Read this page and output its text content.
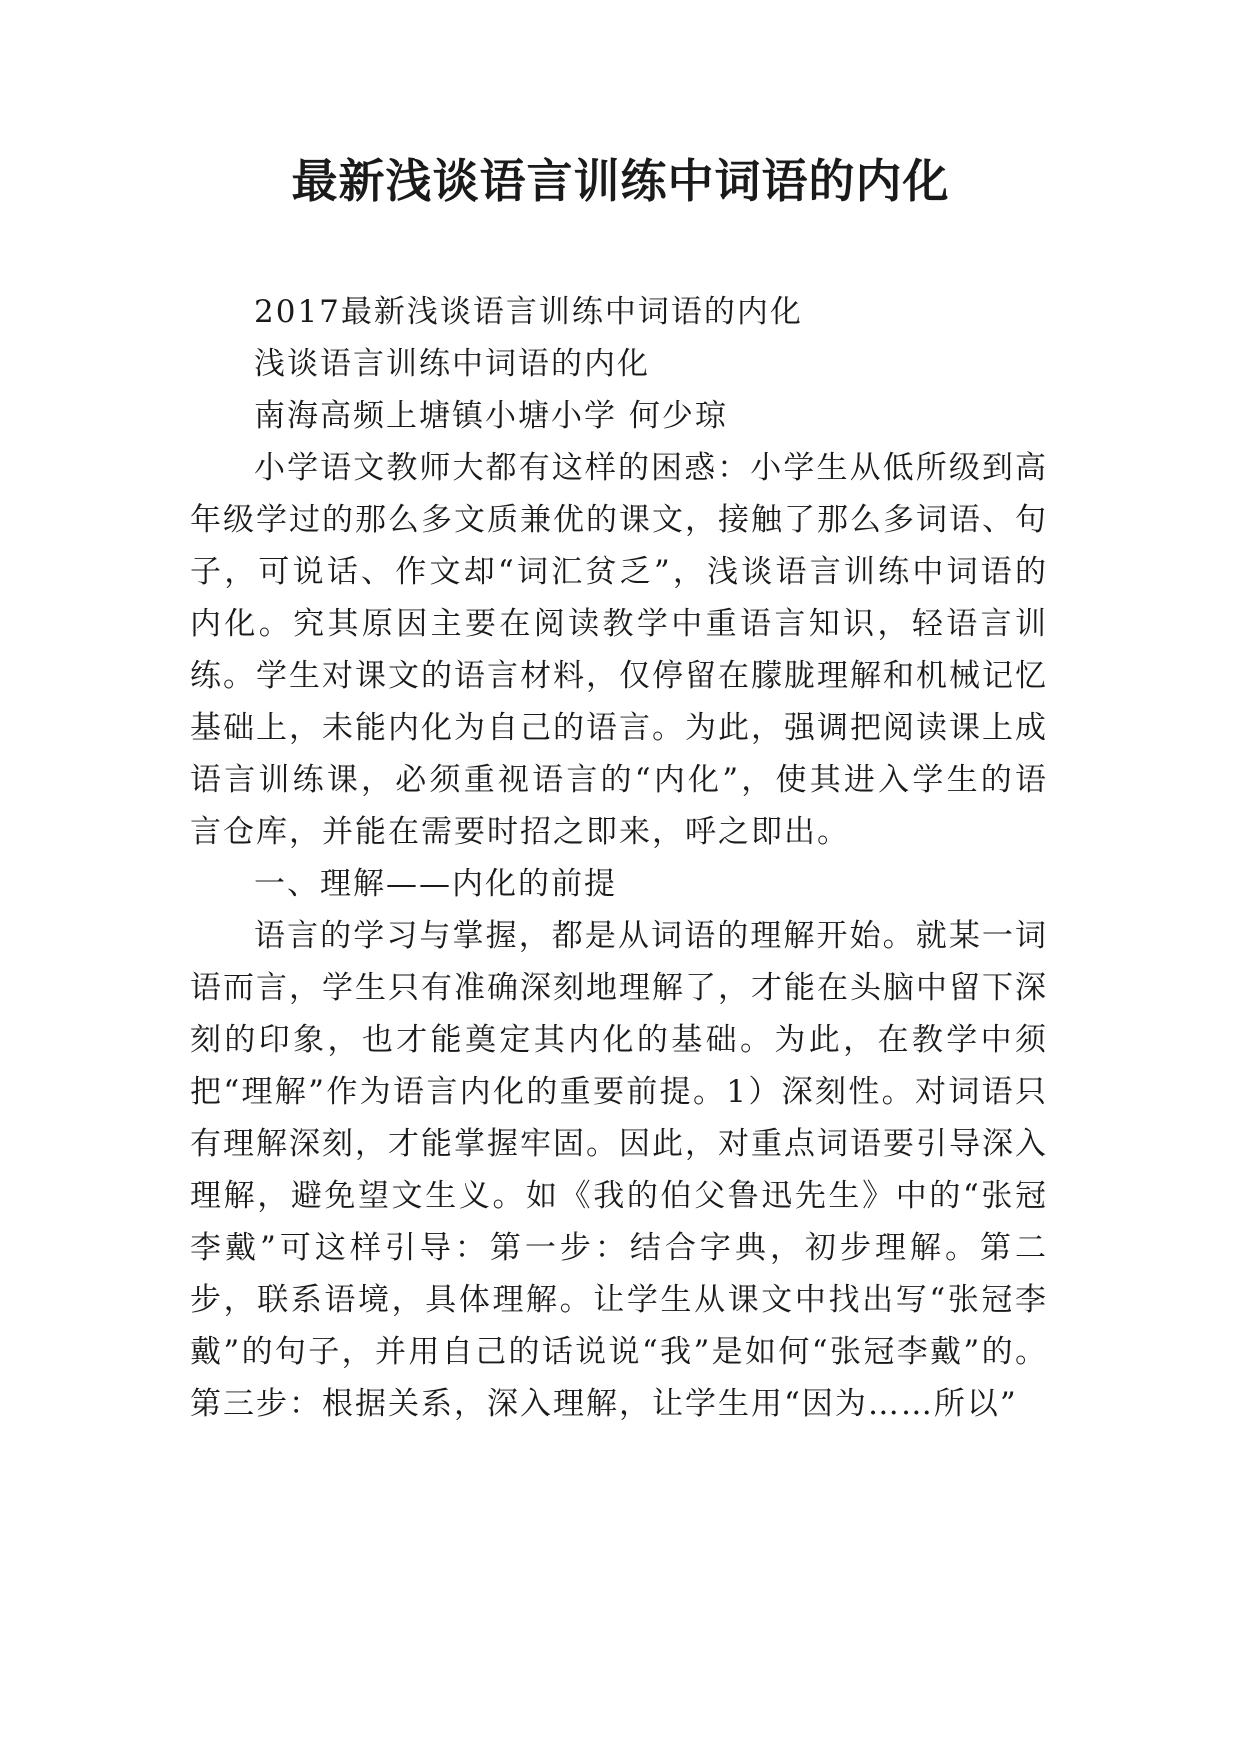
最新浅谈语言训练中词语的内化

2017最新浅谈语言训练中词语的内化

浅谈语言训练中词语的内化

南海高频上塘镇小塘小学 何少琼

小学语文教师大都有这样的困惑：小学生从低所级到高年级学过的那么多文质兼优的课文，接触了那么多词语、句子，可说话、作文却“词汇贫乏”，浅谈语言训练中词语的内化。究其原因主要在阅读教学中重语言知识，轻语言训练。学生对课文的语言材料，仅停留在朦胧理解和机械记忆基础上，未能内化为自己的语言。为此，强调把阅读课上成语言训练课，必须重视语言的“内化”，使其进入学生的语言仓库，并能在需要时招之即来，呼之即出。

一、理解——内化的前提

语言的学习与掌握，都是从词语的理解开始。就某一词语而言，学生只有准确深刻地理解了，才能在头脑中留下深刻的印象，也才能奠定其内化的基础。为此，在教学中须把“理解”作为语言内化的重要前提。1）深刻性。对词语只有理解深刻，才能掌握牢固。因此，对重点词语要引导深入理解，避免望文生义。如《我的伯父鲁迅先生》中的“张冠李戴”可这样引导：第一步：结合字典，初步理解。第二步，联系语境，具体理解。让学生从课文中找出写“张冠李戴”的句子，并用自己的话说说“我”是如何“张冠李戴”的。第三步：根据关系，深入理解，让学生用“因为……所以”
